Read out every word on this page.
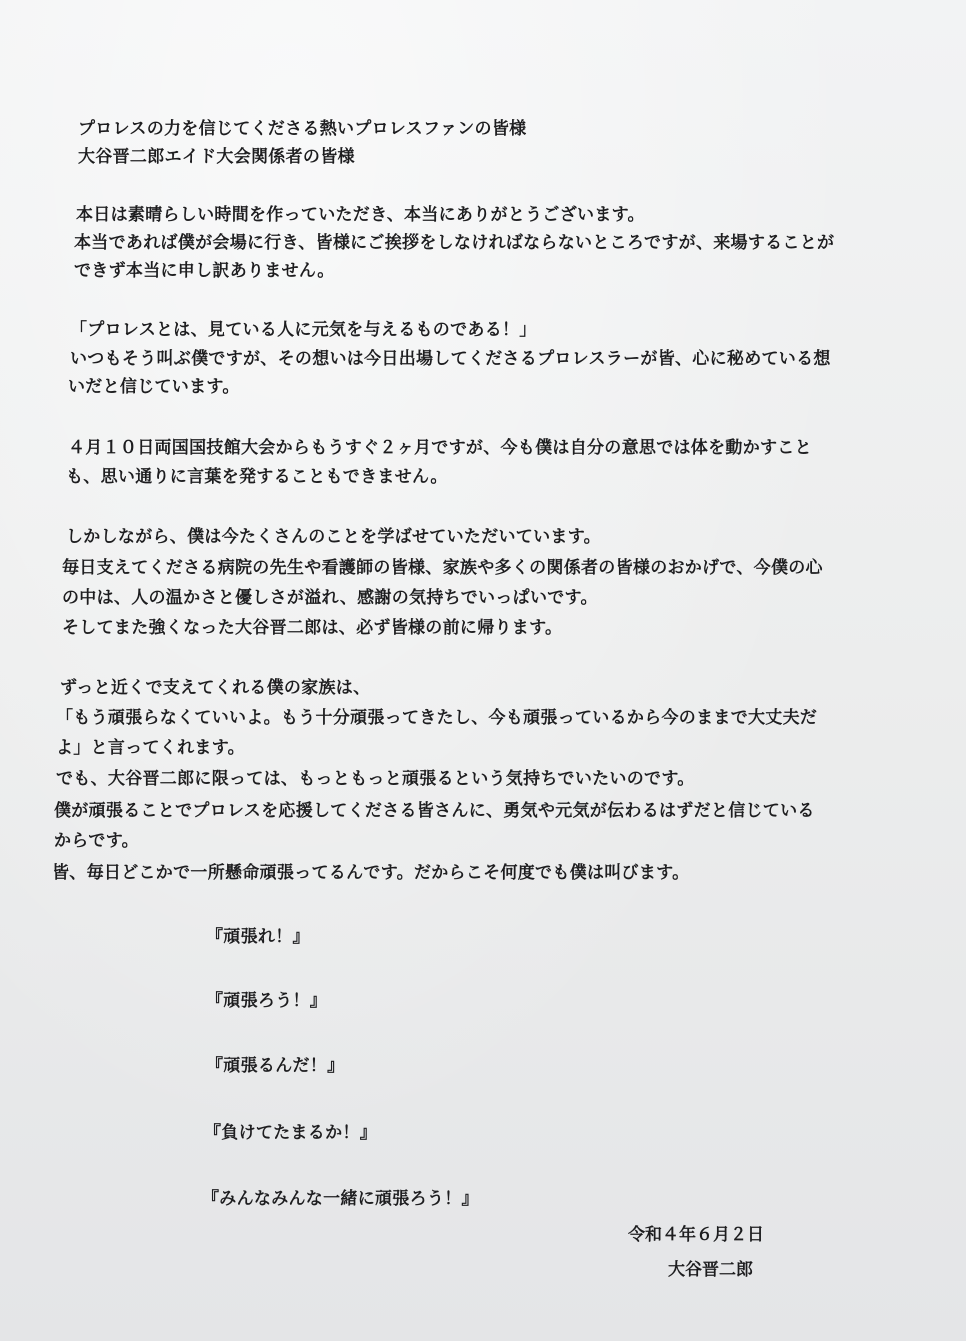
プロレスの力を信じてくださる熱いプロレスファンの皆様

大谷晋二郎エイド大会関係者の皆様

本日は素晴らしい時間を作っていただき、本当にありがとうございます。

本当であれば僕が会場に行き、皆様にご挨拶をしなければならないところですが、来場することが

できず本当に申し訳ありません。

「プロレスとは、見ている人に元気を与えるものである！」

いつもそう叫ぶ僕ですが、その想いは今日出場してくださるプロレスラーが皆、心に秘めている想

いだと信じています。

４月１０日両国国技館大会からもうすぐ２ヶ月ですが、今も僕は自分の意思では体を動かすこと

も、思い通りに言葉を発することもできません。

しかしながら、僕は今たくさんのことを学ばせていただいています。

毎日支えてくださる病院の先生や看護師の皆様、家族や多くの関係者の皆様のおかげで、今僕の心

の中は、人の温かさと優しさが溢れ、感謝の気持ちでいっぱいです。

そしてまた強くなった大谷晋二郎は、必ず皆様の前に帰ります。

ずっと近くで支えてくれる僕の家族は、

「もう頑張らなくていいよ。もう十分頑張ってきたし、今も頑張っているから今のままで大丈夫だ

よ」と言ってくれます。

でも、大谷晋二郎に限っては、もっともっと頑張るという気持ちでいたいのです。

僕が頑張ることでプロレスを応援してくださる皆さんに、勇気や元気が伝わるはずだと信じている

からです。

皆、毎日どこかで一所懸命頑張ってるんです。だからこそ何度でも僕は叫びます。

『頑張れ！』

『頑張ろう！』

『頑張るんだ！』

『負けてたまるか！』

『みんなみんな一緒に頑張ろう！』

令和４年６月２日

大谷晋二郎
